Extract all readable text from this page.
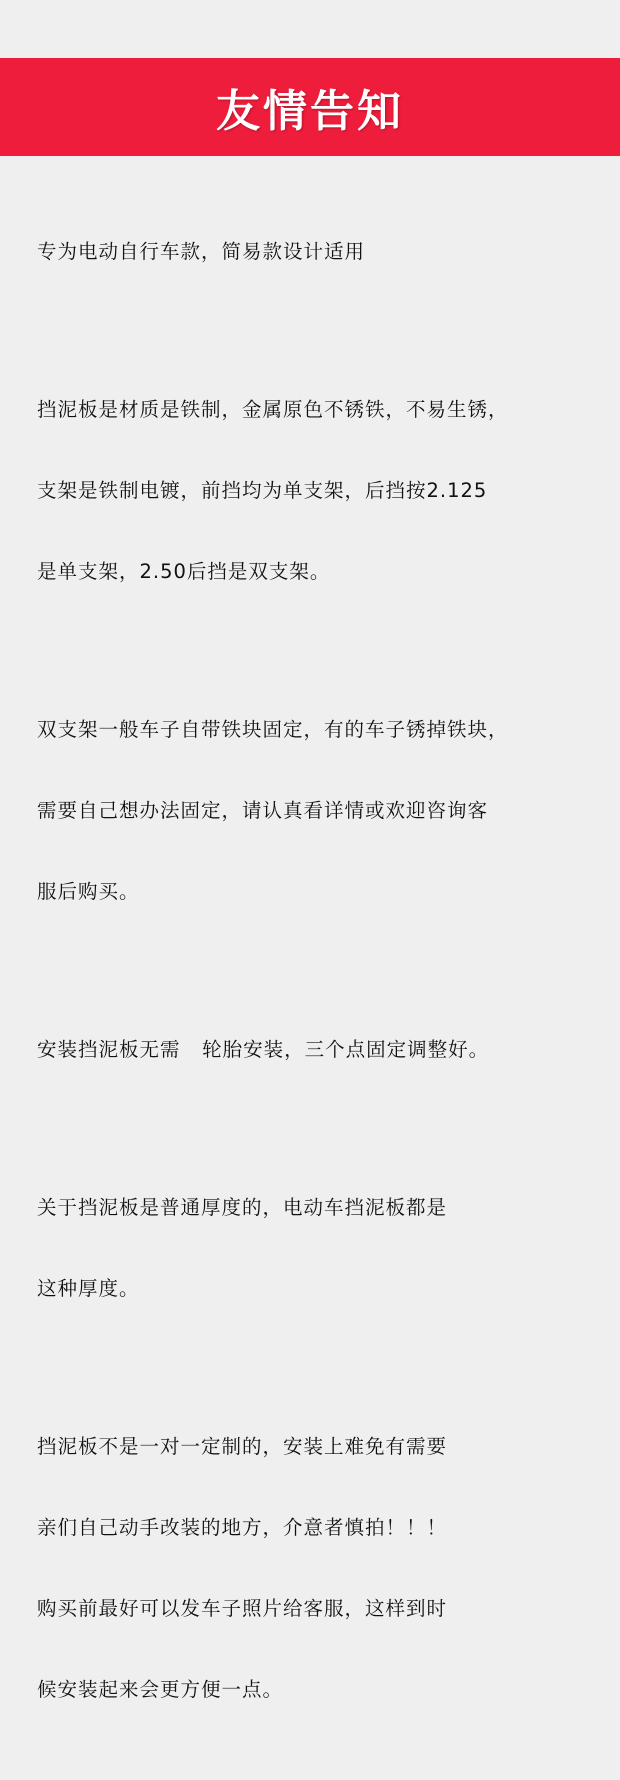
友情告知

专为电动自行车款，简易款设计适用

挡泥板是材质是铁制，金属原色不锈铁，不易生锈，

支架是铁制电镀，前挡均为单支架，后挡按2.125

是单支架，2.50后挡是双支架。

双支架一般车子自带铁块固定，有的车子锈掉铁块，

需要自己想办法固定，请认真看详情或欢迎咨询客

服后购买。

安装挡泥板无需   轮胎安装，三个点固定调整好。

关于挡泥板是普通厚度的，电动车挡泥板都是

这种厚度。

挡泥板不是一对一定制的，安装上难免有需要

亲们自己动手改装的地方，介意者慎拍！！！

购买前最好可以发车子照片给客服，这样到时

候安装起来会更方便一点。
